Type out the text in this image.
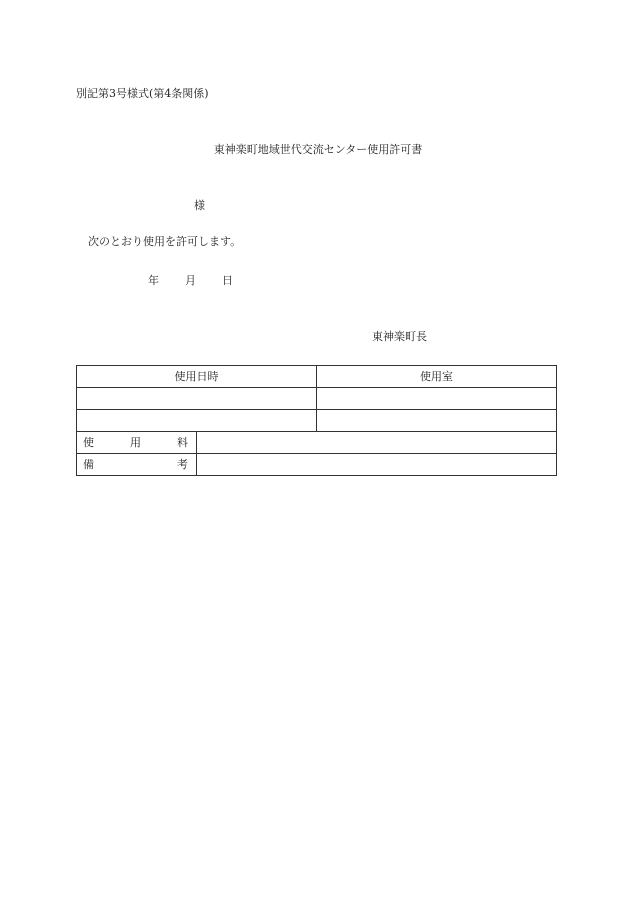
別記第3号様式(第4条関係)
東神楽町地域世代交流センター使用許可書
様
次のとおり使用を許可します。
年 月 日
東神楽町長
使用日時		使用室

使 用 料		

備 考		
